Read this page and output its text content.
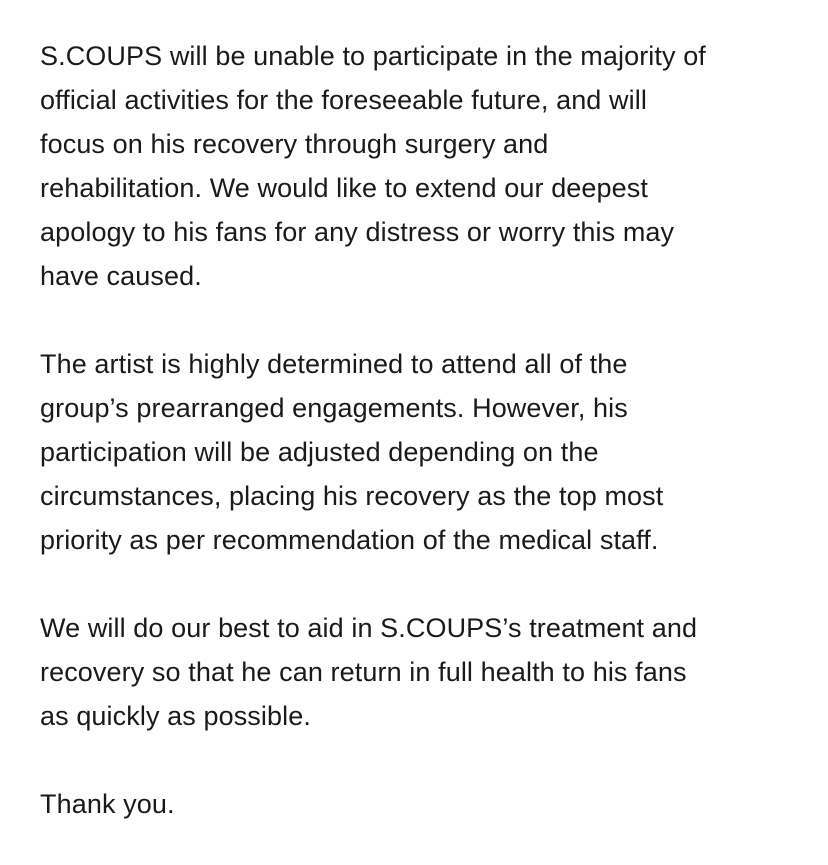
S.COUPS will be unable to participate in the majority of
official activities for the foreseeable future, and will
focus on his recovery through surgery and
rehabilitation. We would like to extend our deepest
apology to his fans for any distress or worry this may
have caused.
The artist is highly determined to attend all of the
group’s prearranged engagements. However, his
participation will be adjusted depending on the
circumstances, placing his recovery as the top most
priority as per recommendation of the medical staff.
We will do our best to aid in S.COUPS’s treatment and
recovery so that he can return in full health to his fans
as quickly as possible.
Thank you.
